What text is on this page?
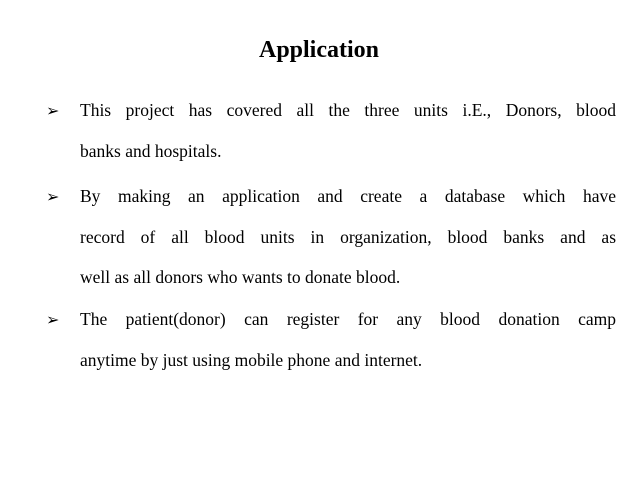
Application
➢ This project has covered all the three units i.E., Donors, blood
banks and hospitals.
➢ By making an application and create a database which have
record of all blood units in organization, blood banks and as
well as all donors who wants to donate blood.
➢ The patient(donor) can register for any blood donation camp
anytime by just using mobile phone and internet.
